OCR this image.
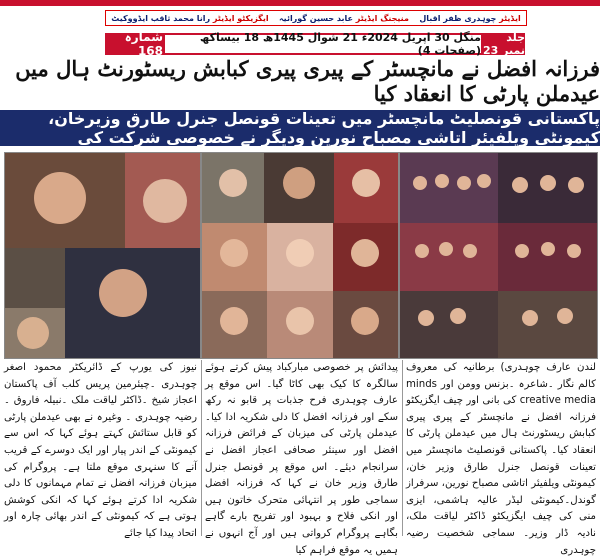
ایڈیٹر چوہدری ظفر اقبال
منیجنگ ایڈیٹر عابد حسین گورائیہ
ایگزیکٹو ایڈیٹر رانا محمد ثاقب ایڈووکیٹ
جلد نمبر 23
منگل 30 اپریل 2024ء 21 شوال 1445ھ 18 بیساکھ (صفحات 4)
شمارہ 168
فرزانہ افضل نے مانچسٹر کے پیری پیری کبابش ریسٹورنٹ ہال میں عیدملن پارٹی کا انعقاد کیا
پاکستانی قونصلیٹ مانچسٹر میں تعینات قونصل جنرل طارق وزیرخان، کیمونٹی ویلفیئر اتاشی مصباح نورین ودیگر نے خصوصی شرکت کی
لندن عارف چوہدری) برطانیہ کی معروف کالم نگار ۔شاعرہ ۔بزنس وومن اور minds creative media کی بانی اور چیف ایگزیکٹو فرزانہ افضل نے مانچسٹر کے پیری پیری کبابش ریسٹورنٹ ہال میں عیدملن پارٹی کا انعقاد کیا۔ پاکستانی قونصلیٹ مانچسٹر میں تعینات قونصل جنرل طارق وزیر خان، کیمونٹی ویلفیئر اتاشی مصباح نورین، سرفراز گوندل۔کیمونٹی لیڈر عالیہ ہاشمی، ایزی منی کی چیف ایگزیکٹو ڈاکٹر لیاقت ملک، نادیہ ڈار وزیر۔ سماجی شخصیت رضیہ چوہدری
پیدائش پر خصوصی مبارکباد پیش کرتے ہوئے سالگرہ کا کیک بھی کاٹا گیا۔ اس موقع پر عارف چوہدری فرح جذبات پر قابو نہ رکھ سکے اور فرزانہ افضل کا دلی شکریہ ادا کیا۔ عیدملن پارٹی کی میزبان کے فرائض فرزانہ افضل اور سینئر صحافی اعجاز افضل نے سرانجام دیئے۔ اس موقع پر قونصل جنرل طارق وزیر خان نے کہا کہ فرزانہ افضل سماجی طور پر انتہائی متحرک خاتون ہیں اور انکی فلاح و بہبود اور تفریح بارے گاہے بگاہے پروگرام کرواتی ہیں اور آج انہوں نے ہمیں یہ موقع فراہم کیا
نیوز کی یورپ کے ڈائریکٹر محمود اصغر چوہدری ۔چیئرمین پریس کلب آف پاکستان اعجاز شیخ ۔ڈاکٹر لیاقت ملک ۔نبیلہ فاروق ۔ رضیہ چوہدری ۔ وغیرہ نے بھی عیدملن پارٹی کو قابل ستائش کہتے ہوئے کہا کہ اس سے کیمونٹی کے اندر پیار اور ایک دوسرے کے قریب آنے کا سنہری موقع ملتا ہے۔ پروگرام کی میزبان فرزانہ افضل نے تمام مہمانوں کا دلی شکریہ ادا کرتے ہوئے کہا کہ انکی کوشش ہوتی ہے کہ کیمونٹی کے اندر بھائی چارہ اور اتحاد پیدا کیا جائے
